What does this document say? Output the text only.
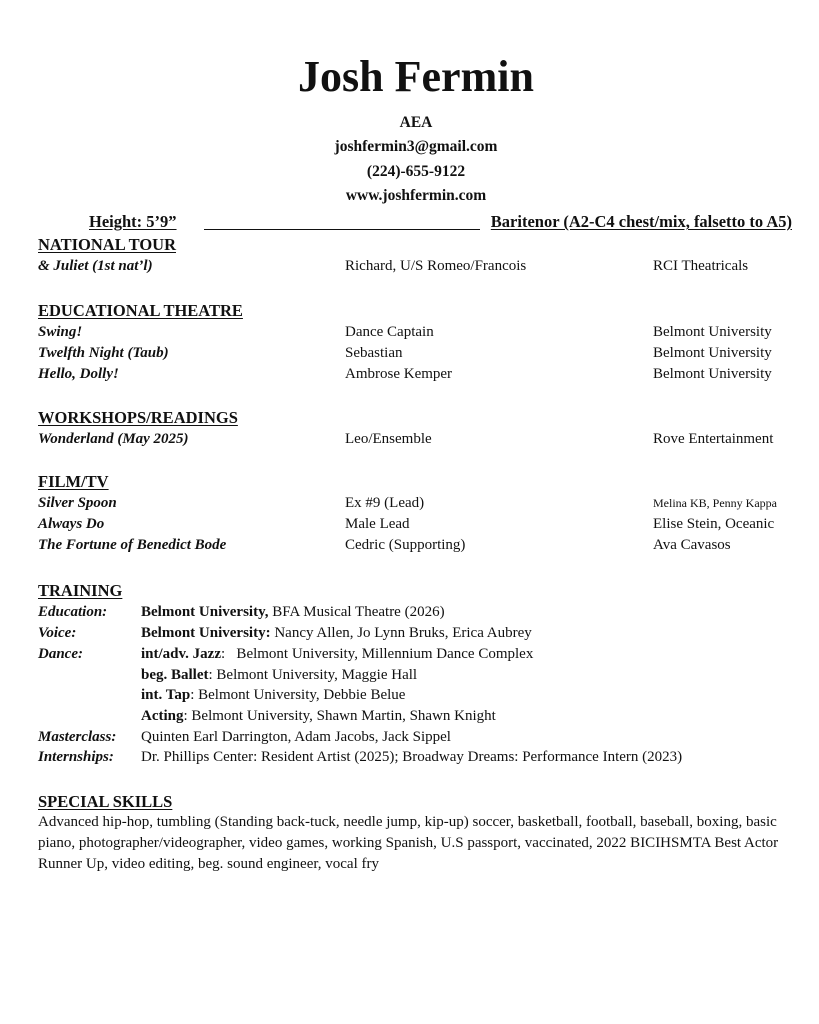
Josh Fermin
AEA
joshfermin3@gmail.com
(224)-655-9122
www.joshfermin.com
Height: 5’9”	Baritenor (A2-C4 chest/mix, falsetto to A5)
NATIONAL TOUR
& Juliet (1st nat’l)	Richard, U/S Romeo/Francois	RCI Theatricals
EDUCATIONAL THEATRE
Swing!	Dance Captain	Belmont University
Twelfth Night (Taub)	Sebastian	Belmont University
Hello, Dolly!	Ambrose Kemper	Belmont University
WORKSHOPS/READINGS
Wonderland (May 2025)	Leo/Ensemble	Rove Entertainment
FILM/TV
Silver Spoon	Ex #9 (Lead)	Melina KB, Penny Kappa
Always Do	Male Lead	Elise Stein, Oceanic
The Fortune of Benedict Bode	Cedric (Supporting)	Ava Cavasos
TRAINING
Education: Belmont University, BFA Musical Theatre (2026)
Voice:	Belmont University: Nancy Allen, Jo Lynn Bruks, Erica Aubrey
Dance:	int/adv. Jazz:   Belmont University, Millennium Dance Complex
beg. Ballet: Belmont University, Maggie Hall
int. Tap: Belmont University, Debbie Belue
Acting: Belmont University, Shawn Martin, Shawn Knight
Masterclass: Quinten Earl Darrington, Adam Jacobs, Jack Sippel
Internships: Dr. Phillips Center: Resident Artist (2025); Broadway Dreams: Performance Intern (2023)
SPECIAL SKILLS
Advanced hip-hop, tumbling (Standing back-tuck, needle jump, kip-up) soccer, basketball, football, baseball, boxing, basic piano, photographer/videographer, video games, working Spanish, U.S passport, vaccinated, 2022 BICIHSMTA Best Actor Runner Up, video editing, beg. sound engineer, vocal fry
